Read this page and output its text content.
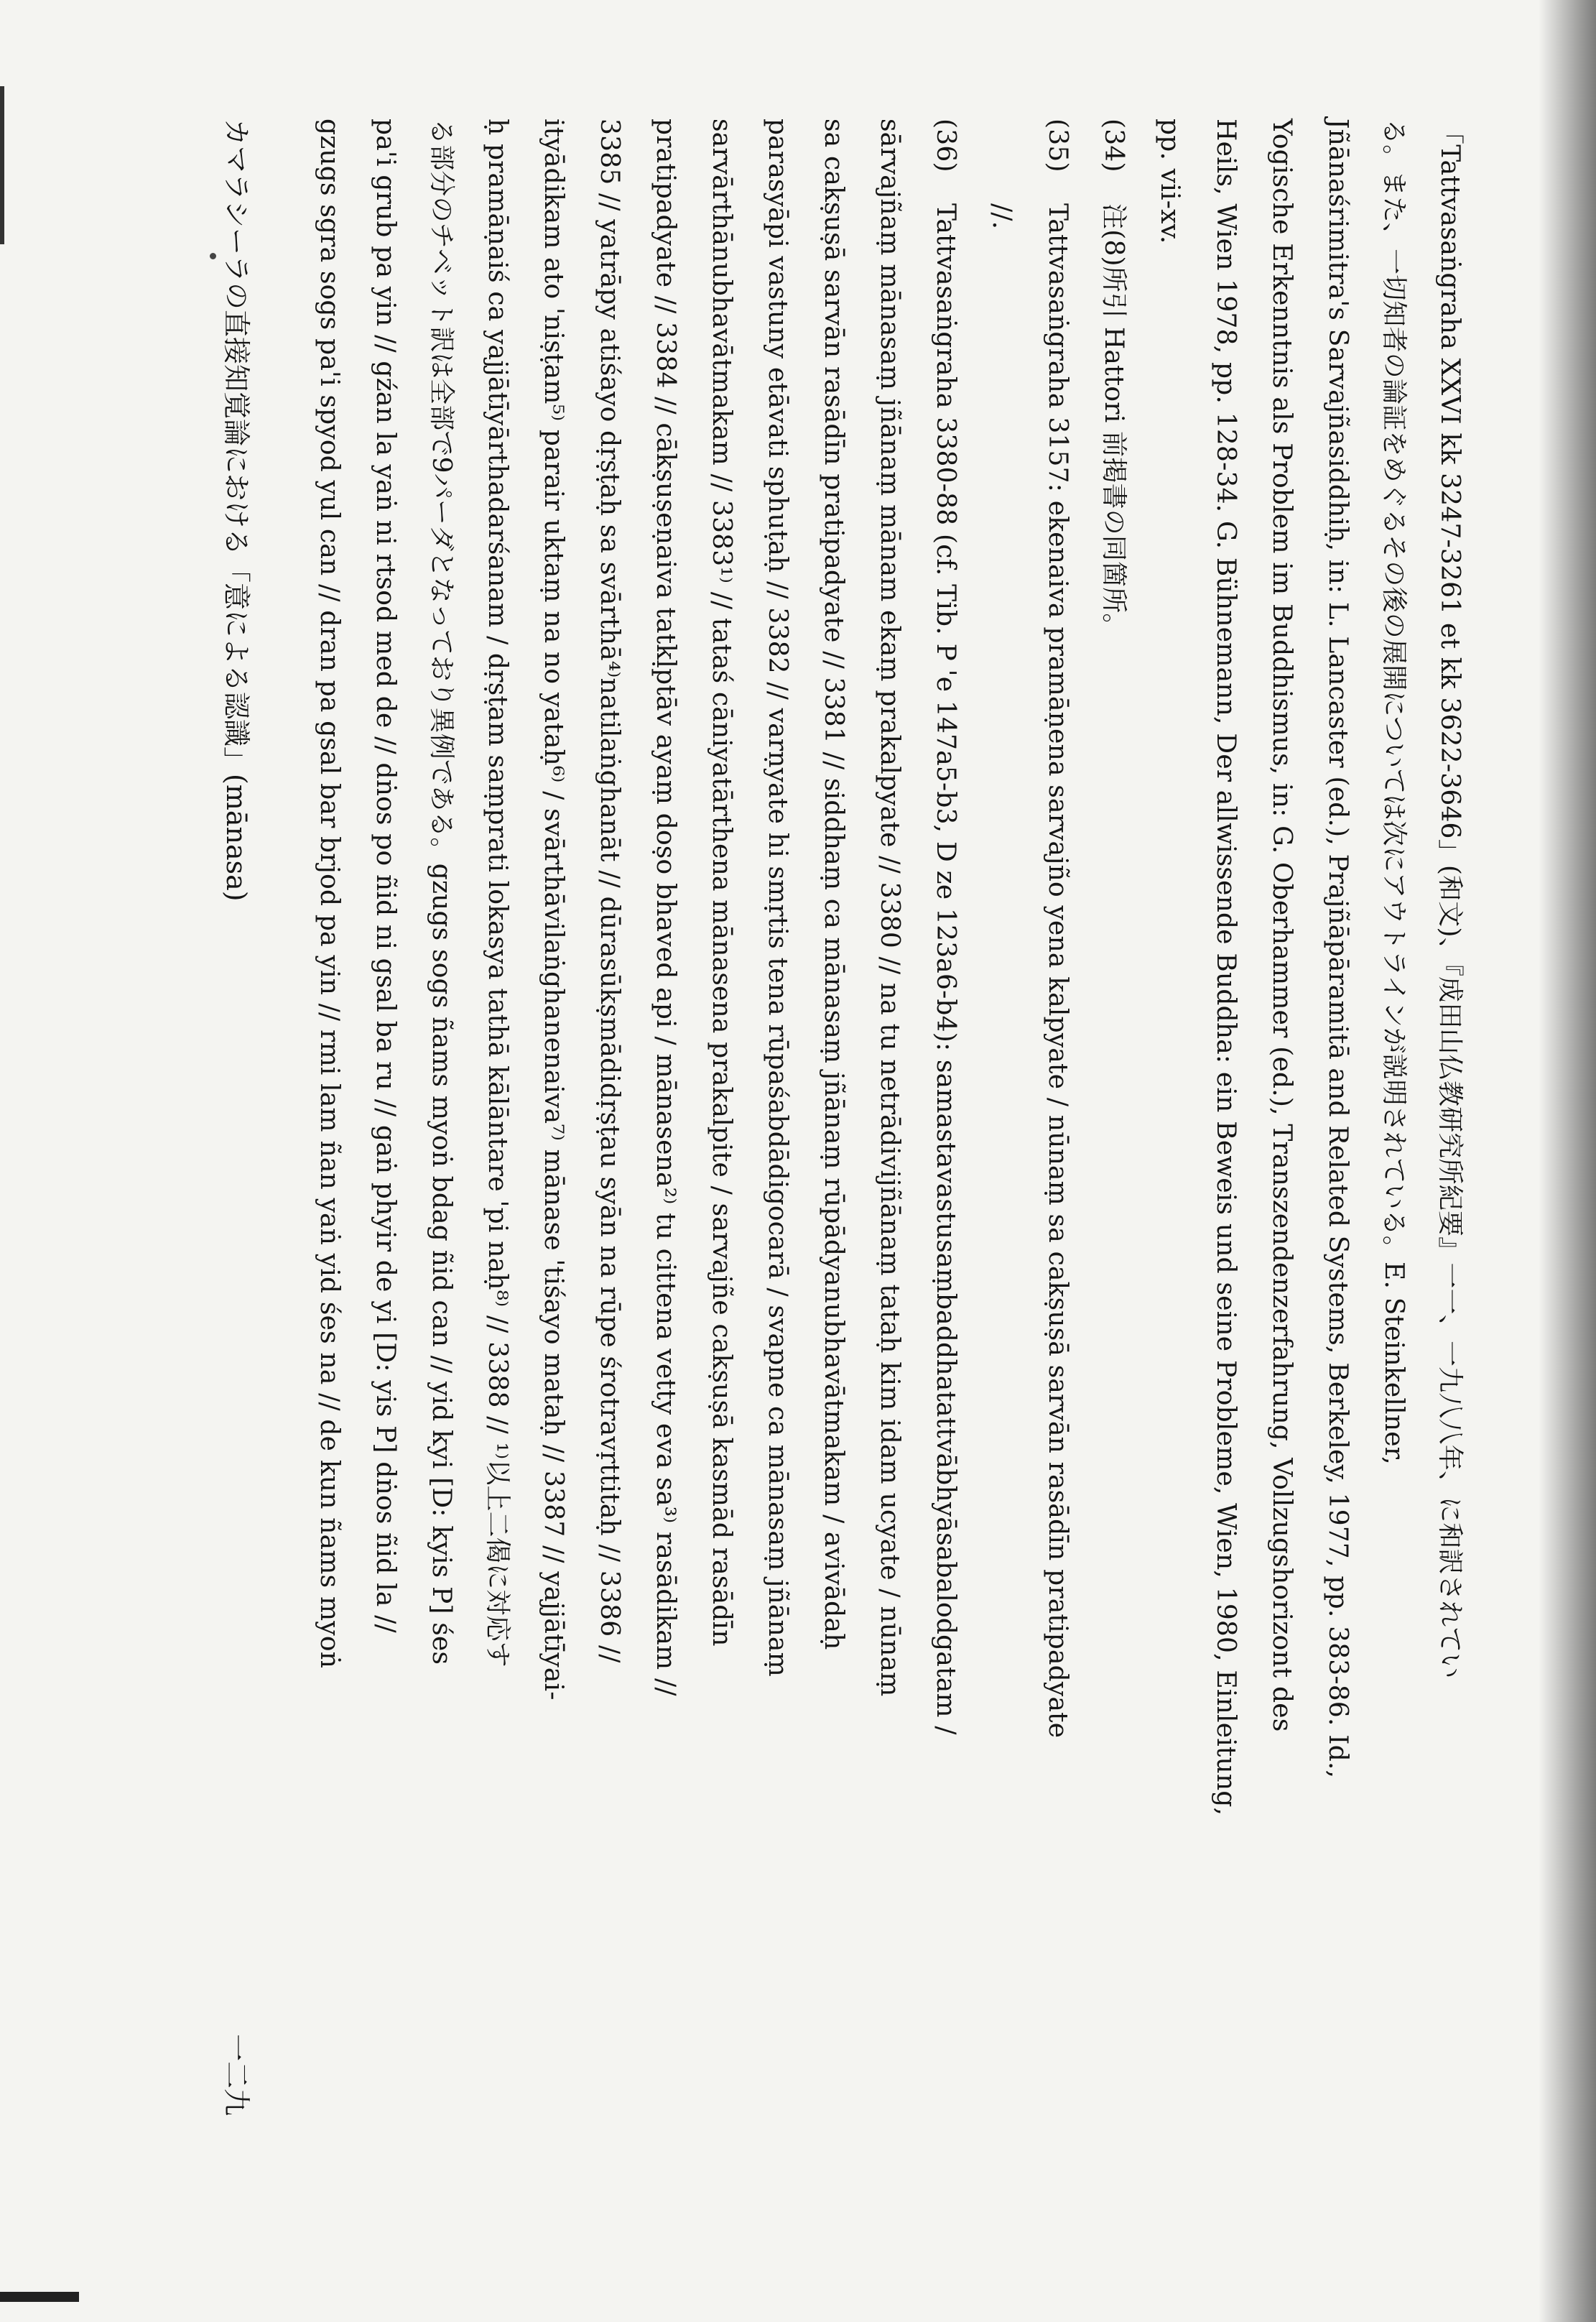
「Tattvasaṅgraha XXVI kk 3247-3261 et kk 3622-3646」(和文)、『成田山仏教研究所紀要』一一、一九八八年、に和訳されてい
る。また、一切知者の論証をめぐるその後の展開については次にアウトラインが説明されている。E. Steinkellner,
Jñānaśrimitra's Sarvajñasiddhiḥ, in: L. Lancaster (ed.), Prajñāpāramitā and Related Systems, Berkeley, 1977, pp. 383-86. Id.,
Yogische Erkenntnis als Problem im Buddhismus, in: G. Oberhammer (ed.), Transzendenzerfahrung, Vollzugshorizont des
Heils, Wien 1978, pp. 128-34. G. Bühnemann, Der allwissende Buddha: ein Beweis und seine Probleme, Wien, 1980, Einleitung,
pp. vii-xv.
(34)注(8)所引 Hattori 前掲書の同箇所。
(35)Tattvasaṅgraha 3157: ekenaiva pramāṇena sarvajño yena kalpyate / nūnaṃ sa cakṣuṣā sarvān rasādīn pratipadyate
//.
(36)Tattvasaṅgraha 3380-88 (cf. Tib. P 'e 147a5-b3, D ze 123a6-b4): samastavastusaṃbaddhatattvābhyāsabalodgatam /
sārvajñaṃ mānasaṃ jñānaṃ mānam ekaṃ prakalpyate // 3380 // na tu netrādivijñānaṃ tataḥ kim idam ucyate / nūnaṃ
sa cakṣuṣā sarvān rasādīn pratipadyate // 3381 // siddhaṃ ca mānasaṃ jñānaṃ rūpādyanubhavātmakam / avivādaḥ
parasyāpi vastuny etāvati sphuṭaḥ // 3382 // varṇyate hi smṛtis tena rūpaśabdādigocarā / svapne ca mānasaṃ jñānaṃ
sarvārthānubhavātmakam // 3383¹⁾ // tataś cāniyatārthena mānasena prakalpite / sarvajñe cakṣuṣā kasmād rasādīn
pratipadyate // 3384 // cākṣuṣeṇaiva tatkḷptāv ayaṃ doṣo bhaved api / mānasena²⁾ tu cittena vetty eva sa³⁾ rasādikam //
3385 // yatrāpy atiśayo dṛṣṭaḥ sa svārthā⁴⁾natilaṅghanāt // dūrasūkṣmādidṛṣṭau syān na rūpe śrotravṛttitaḥ // 3386 //
ityādikam ato 'niṣṭam⁵⁾ parair uktaṃ na no yataḥ⁶⁾ / svārthāvilaṅghanenaiva⁷⁾ mānase 'tiśayo mataḥ // 3387 // yajjātīyai-
ḥ pramāṇaiś ca yajjātīyārthadarśanam / dṛṣṭam saṃprati lokasya tathā kālāntare 'pi naḥ⁸⁾ // 3388 // ¹⁾以上二偈に対応す
る部分のチベット訳は全部で9パーダとなっており異例である。gzugs sogs ñams myoṅ bdag ñid can // yid kyi [D: kyis P] śes
pa'i grub pa yin // gźan la yaṅ ni rtsod med de // dṅos po ñid ni gsal ba ru // gaṅ phyir de yi [D: yis P] dṅos ñid la //
gzugs sgra sogs pa'i spyod yul can // dran pa gsal bar brjod pa yin // rmi lam ñan yaṅ yid śes na // de kun ñams myoṅ
カマラシーラの直接知覚論における「意による認識」(mānasa)
一二九
